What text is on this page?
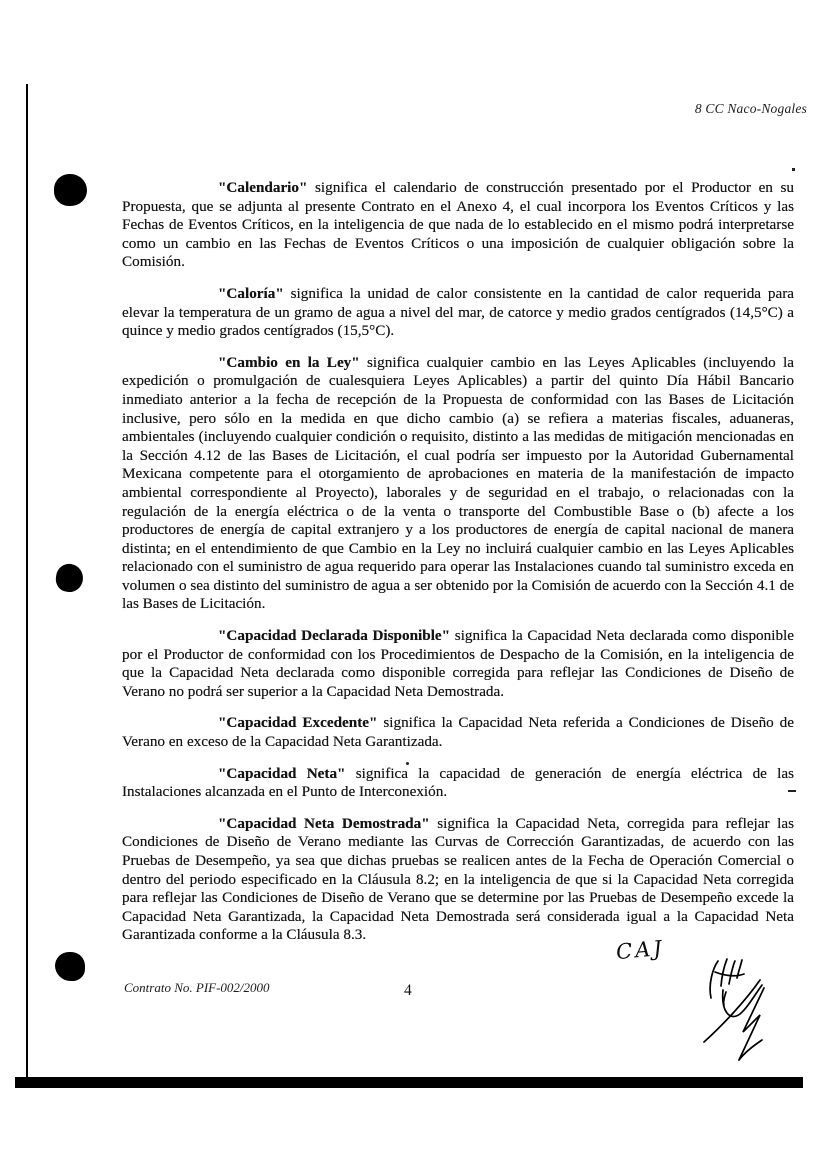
8 CC Naco-Nogales

"Calendario" significa el calendario de construcción presentado por el Productor en su Propuesta, que se adjunta al presente Contrato en el Anexo 4, el cual incorpora los Eventos Críticos y las Fechas de Eventos Críticos, en la inteligencia de que nada de lo establecido en el mismo podrá interpretarse como un cambio en las Fechas de Eventos Críticos o una imposición de cualquier obligación sobre la Comisión.

"Caloría" significa la unidad de calor consistente en la cantidad de calor requerida para elevar la temperatura de un gramo de agua a nivel del mar, de catorce y medio grados centígrados (14,5°C) a quince y medio grados centígrados (15,5°C).

"Cambio en la Ley" significa cualquier cambio en las Leyes Aplicables (incluyendo la expedición o promulgación de cualesquiera Leyes Aplicables) a partir del quinto Día Hábil Bancario inmediato anterior a la fecha de recepción de la Propuesta de conformidad con las Bases de Licitación inclusive, pero sólo en la medida en que dicho cambio (a) se refiera a materias fiscales, aduaneras, ambientales (incluyendo cualquier condición o requisito, distinto a las medidas de mitigación mencionadas en la Sección 4.12 de las Bases de Licitación, el cual podría ser impuesto por la Autoridad Gubernamental Mexicana competente para el otorgamiento de aprobaciones en materia de la manifestación de impacto ambiental correspondiente al Proyecto), laborales y de seguridad en el trabajo, o relacionadas con la regulación de la energía eléctrica o de la venta o transporte del Combustible Base o (b) afecte a los productores de energía de capital extranjero y a los productores de energía de capital nacional de manera distinta; en el entendimiento de que Cambio en la Ley no incluirá cualquier cambio en las Leyes Aplicables relacionado con el suministro de agua requerido para operar las Instalaciones cuando tal suministro exceda en volumen o sea distinto del suministro de agua a ser obtenido por la Comisión de acuerdo con la Sección 4.1 de las Bases de Licitación.

"Capacidad Declarada Disponible" significa la Capacidad Neta declarada como disponible por el Productor de conformidad con los Procedimientos de Despacho de la Comisión, en la inteligencia de que la Capacidad Neta declarada como disponible corregida para reflejar las Condiciones de Diseño de Verano no podrá ser superior a la Capacidad Neta Demostrada.

"Capacidad Excedente" significa la Capacidad Neta referida a Condiciones de Diseño de Verano en exceso de la Capacidad Neta Garantizada.

"Capacidad Neta" significa la capacidad de generación de energía eléctrica de las Instalaciones alcanzada en el Punto de Interconexión.

"Capacidad Neta Demostrada" significa la Capacidad Neta, corregida para reflejar las Condiciones de Diseño de Verano mediante las Curvas de Corrección Garantizadas, de acuerdo con las Pruebas de Desempeño, ya sea que dichas pruebas se realicen antes de la Fecha de Operación Comercial o dentro del periodo especificado en la Cláusula 8.2; en la inteligencia de que si la Capacidad Neta corregida para reflejar las Condiciones de Diseño de Verano que se determine por las Pruebas de Desempeño excede la Capacidad Neta Garantizada, la Capacidad Neta Demostrada será considerada igual a la Capacidad Neta Garantizada conforme a la Cláusula 8.3.

Contrato No. PIF-002/2000	4
CAJ
